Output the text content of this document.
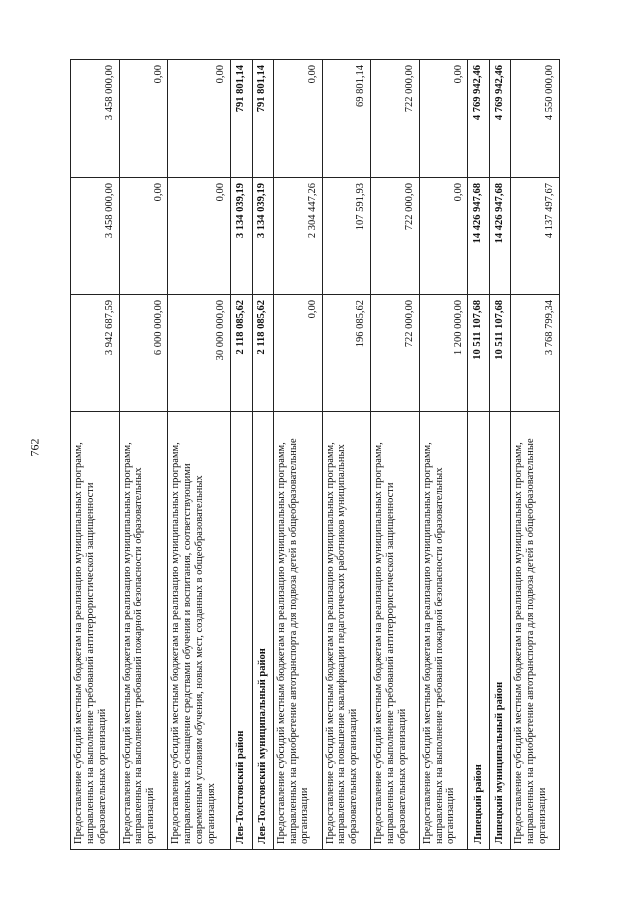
762	Предоставление субсидий местным бюджетам на реализацию муниципальных программ, направленных на выполнение требований антитеррористической защищенности образовательных организаций	3 942 687,59	3 458 000,00	3 458 000,00
Предоставление субсидий местным бюджетам на реализацию муниципальных программ, направленных на выполнение требований пожарной безопасности образовательных организаций	6 000 000,00	0,00	0,00
Предоставление субсидий местным бюджетам на реализацию муниципальных программ, направленных на оснащение средствами обучения и воспитания, соответствующими современным условиям обучения, новых мест, созданных в общеобразовательных организациях	30 000 000,00	0,00	0,00
Лев-Толстовский район	2 118 085,62	3 134 039,19	791 801,14
Лев-Толстовский муниципальный район	2 118 085,62	3 134 039,19	791 801,14
Предоставление субсидий местным бюджетам на реализацию муниципальных программ, направленных на приобретение автотранспорта для подвоза детей в общеобразовательные организации	0,00	2 304 447,26	0,00
Предоставление субсидий местным бюджетам на реализацию муниципальных программ, направленных на повышение квалификации педагогических работников муниципальных образовательных организаций	196 085,62	107 591,93	69 801,14
Предоставление субсидий местным бюджетам на реализацию муниципальных программ, направленных на выполнение требований антитеррористической защищенности образовательных организаций	722 000,00	722 000,00	722 000,00
Предоставление субсидий местным бюджетам на реализацию муниципальных программ, направленных на выполнение требований пожарной безопасности образовательных организаций	1 200 000,00	0,00	0,00
Липецкий район	10 511 107,68	14 426 947,68	4 769 942,46
Липецкий муниципальный район	10 511 107,68	14 426 947,68	4 769 942,46
Предоставление субсидий местным бюджетам на реализацию муниципальных программ, направленных на приобретение автотранспорта для подвоза детей в общеобразовательные организации	3 768 799,34	4 137 497,67	4 550 000,00
